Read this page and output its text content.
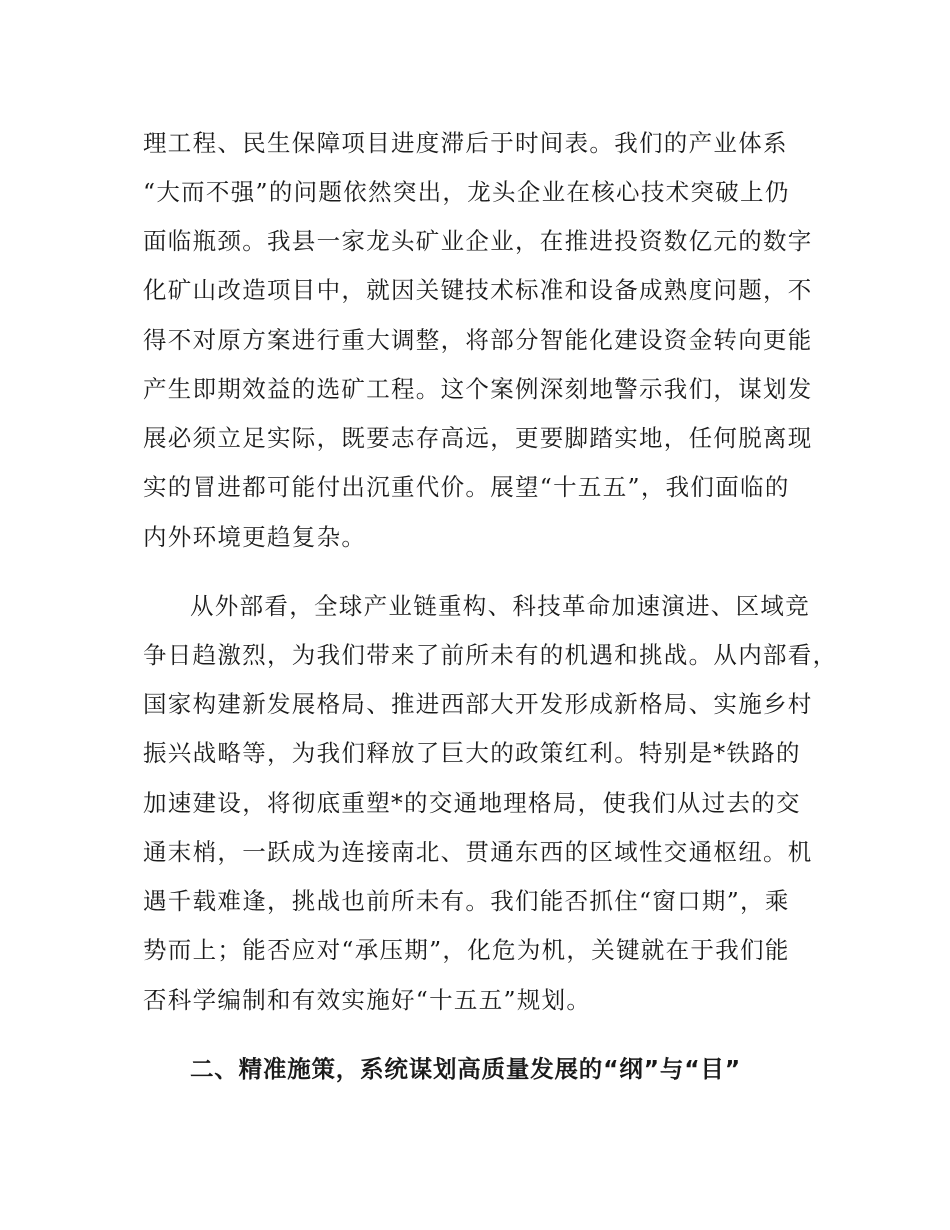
理工程、民生保障项目进度滞后于时间表。我们的产业体系
“大而不强”的问题依然突出，龙头企业在核心技术突破上仍
面临瓶颈。我县一家龙头矿业企业，在推进投资数亿元的数字
化矿山改造项目中，就因关键技术标准和设备成熟度问题，不
得不对原方案进行重大调整，将部分智能化建设资金转向更能
产生即期效益的选矿工程。这个案例深刻地警示我们，谋划发
展必须立足实际，既要志存高远，更要脚踏实地，任何脱离现
实的冒进都可能付出沉重代价。展望“十五五”，我们面临的
内外环境更趋复杂。
从外部看，全球产业链重构、科技革命加速演进、区域竞
争日趋激烈，为我们带来了前所未有的机遇和挑战。从内部看，
国家构建新发展格局、推进西部大开发形成新格局、实施乡村
振兴战略等，为我们释放了巨大的政策红利。特别是*铁路的
加速建设，将彻底重塑*的交通地理格局，使我们从过去的交
通末梢，一跃成为连接南北、贯通东西的区域性交通枢纽。机
遇千载难逢，挑战也前所未有。我们能否抓住“窗口期”，乘
势而上；能否应对“承压期”，化危为机，关键就在于我们能
否科学编制和有效实施好“十五五”规划。
二、精准施策，系统谋划高质量发展的“纲”与“目”
